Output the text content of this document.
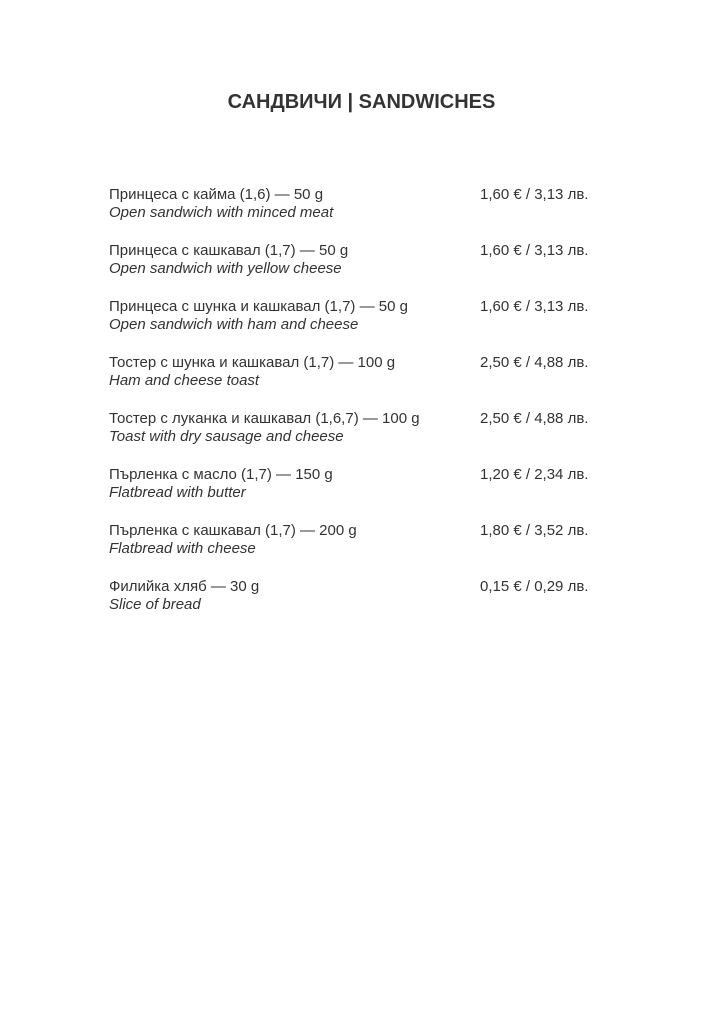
САНДВИЧИ | SANDWICHES
Принцеса с кайма (1,6) — 50 g
Open sandwich with minced meat
1,60 € / 3,13 лв.
Принцеса с кашкавал (1,7) — 50 g
Open sandwich with yellow cheese
1,60 € / 3,13 лв.
Принцеса с шунка и кашкавал (1,7) — 50 g
Open sandwich with ham and cheese
1,60 € / 3,13 лв.
Тостер с шунка и кашкавал (1,7) — 100 g
Ham and cheese toast
2,50 € / 4,88 лв.
Тостер с луканка и кашкавал (1,6,7) — 100 g
Toast with dry sausage and cheese
2,50 € / 4,88 лв.
Пърленка с масло (1,7) — 150 g
Flatbread with butter
1,20 € / 2,34 лв.
Пърленка с кашкавал (1,7) — 200 g
Flatbread with cheese
1,80 € / 3,52 лв.
Филийка хляб — 30 g
Slice of bread
0,15 € / 0,29 лв.
